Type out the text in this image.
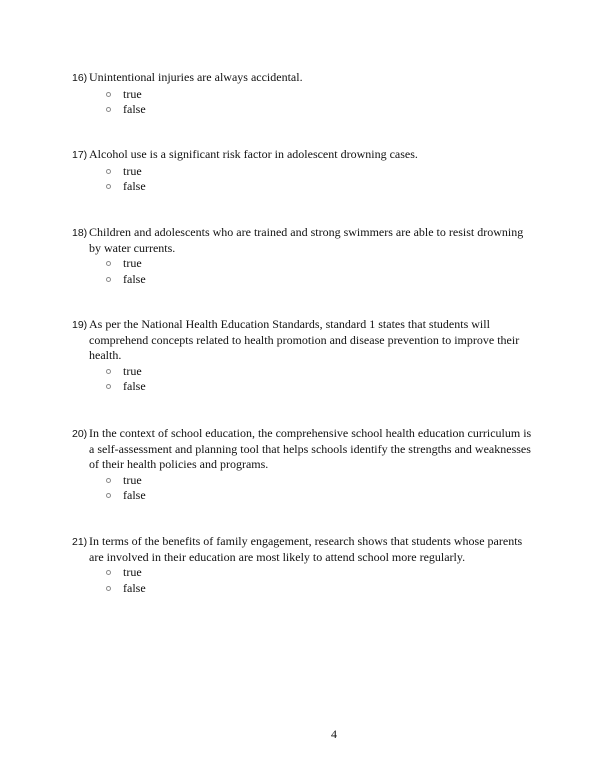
16) Unintentional injuries are always accidental.

true
false
17) Alcohol use is a significant risk factor in adolescent drowning cases.

true
false
18) Children and adolescents who are trained and strong swimmers are able to resist drowning by water currents.

true
false
19) As per the National Health Education Standards, standard 1 states that students will comprehend concepts related to health promotion and disease prevention to improve their health.

true
false
20) In the context of school education, the comprehensive school health education curriculum is a self-assessment and planning tool that helps schools identify the strengths and weaknesses of their health policies and programs.

true
false
21) In terms of the benefits of family engagement, research shows that students whose parents are involved in their education are most likely to attend school more regularly.

true
false
4
